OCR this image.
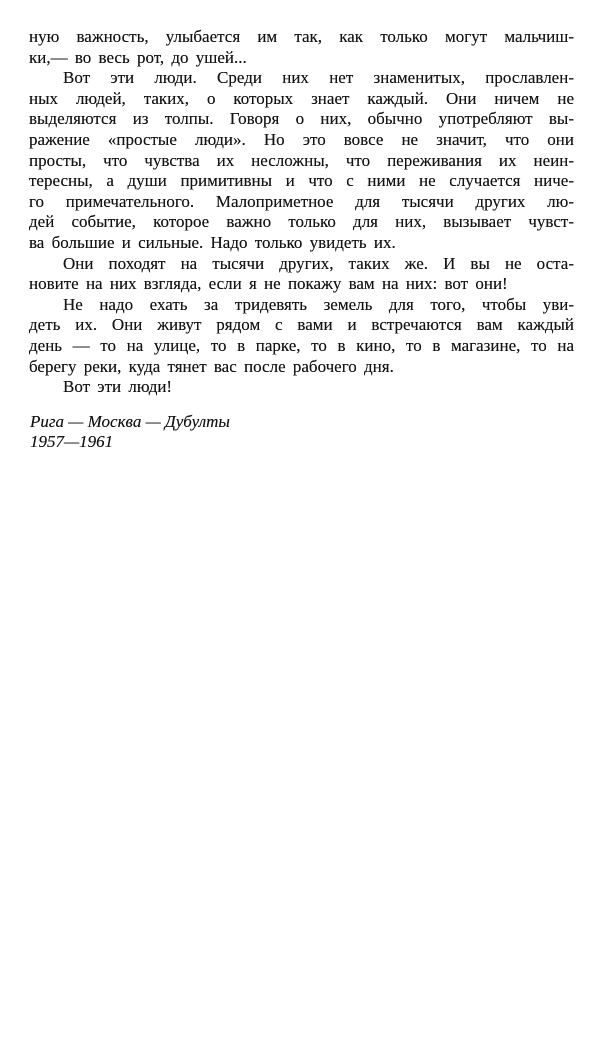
ную важность, улыбается им так, как только могут мальчиш-
ки,— во весь рот, до ушей...
Вот эти люди. Среди них нет знаменитых, прославлен-
ных людей, таких, о которых знает каждый. Они ничем не
выделяются из толпы. Говоря о них, обычно употребляют вы-
ражение «простые люди». Но это вовсе не значит, что они
просты, что чувства их несложны, что переживания их неин-
тересны, а души примитивны и что с ними не случается ниче-
го примечательного. Малоприметное для тысячи других лю-
дей событие, которое важно только для них, вызывает чувст-
ва большие и сильные. Надо только увидеть их.
Они походят на тысячи других, таких же. И вы не оста-
новите на них взгляда, если я не покажу вам на них: вот они!
Не надо ехать за тридевять земель для того, чтобы уви-
деть их. Они живут рядом с вами и встречаются вам каждый
день — то на улице, то в парке, то в кино, то в магазине, то на
берегу реки, куда тянет вас после рабочего дня.
Вот эти люди!
Рига — Москва — Дубулты
1957—1961
